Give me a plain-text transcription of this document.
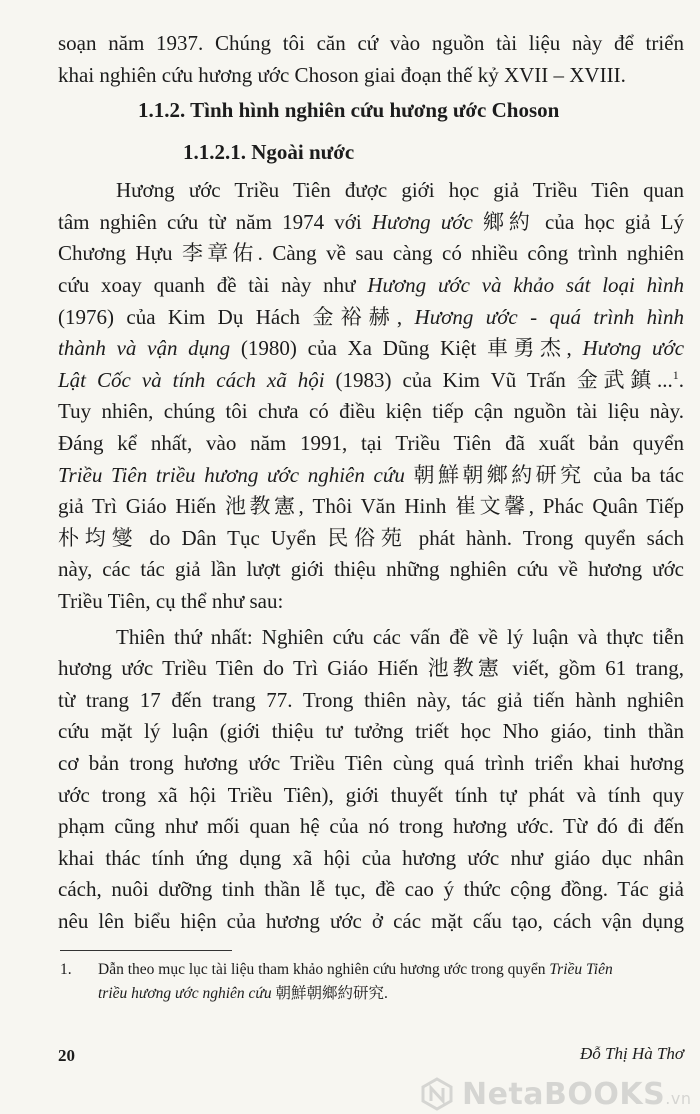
soạn năm 1937. Chúng tôi căn cứ vào nguồn tài liệu này để triển
khai nghiên cứu hương ước Choson giai đoạn thế kỷ XVII – XVIII.
1.1.2. Tình hình nghiên cứu hương ước Choson
1.1.2.1. Ngoài nước
Hương ước Triều Tiên được giới học giả Triều Tiên quan
tâm nghiên cứu từ năm 1974 với Hương ước 鄉約 của học giả Lý
Chương Hựu 李章佑. Càng về sau càng có nhiều công trình nghiên
cứu xoay quanh đề tài này như Hương ước và khảo sát loại hình
(1976) của Kim Dụ Hách 金裕赫, Hương ước - quá trình hình
thành và vận dụng (1980) của Xa Dũng Kiệt 車勇杰, Hương ước
Lật Cốc và tính cách xã hội (1983) của Kim Vũ Trấn 金武鎮...$^1$.
Tuy nhiên, chúng tôi chưa có điều kiện tiếp cận nguồn tài liệu này.
Đáng kể nhất, vào năm 1991, tại Triều Tiên đã xuất bản quyển
Triều Tiên triều hương ước nghiên cứu 朝鮮朝鄉約研究 của ba tác
giả Trì Giáo Hiến 池教憲, Thôi Văn Hinh 崔文馨, Phác Quân Tiếp
朴均燮 do Dân Tục Uyển 民俗苑 phát hành. Trong quyển sách
này, các tác giả lần lượt giới thiệu những nghiên cứu về hương ước
Triều Tiên, cụ thể như sau:
Thiên thứ nhất: Nghiên cứu các vấn đề về lý luận và thực tiễn
hương ước Triều Tiên do Trì Giáo Hiến 池教憲 viết, gồm 61 trang,
từ trang 17 đến trang 77. Trong thiên này, tác giả tiến hành nghiên
cứu mặt lý luận (giới thiệu tư tưởng triết học Nho giáo, tinh thần
cơ bản trong hương ước Triều Tiên cùng quá trình triển khai hương
ước trong xã hội Triều Tiên), giới thuyết tính tự phát và tính quy
phạm cũng như mối quan hệ của nó trong hương ước. Từ đó đi đến
khai thác tính ứng dụng xã hội của hương ước như giáo dục nhân
1. Dẫn theo mục lục tài liệu tham khảo nghiên cứu hương ước trong quyển Triều Tiên
triều hương ước nghiên cứu 朝鮮朝鄉約研究.
20	Đỗ Thị Hà Thơ
NetaBOOKS.vn
cách, nuôi dưỡng tinh thần lễ tục, đề cao ý thức cộng đồng. Tác giả
nêu lên biểu hiện của hương ước ở các mặt cấu tạo, cách vận dụng
